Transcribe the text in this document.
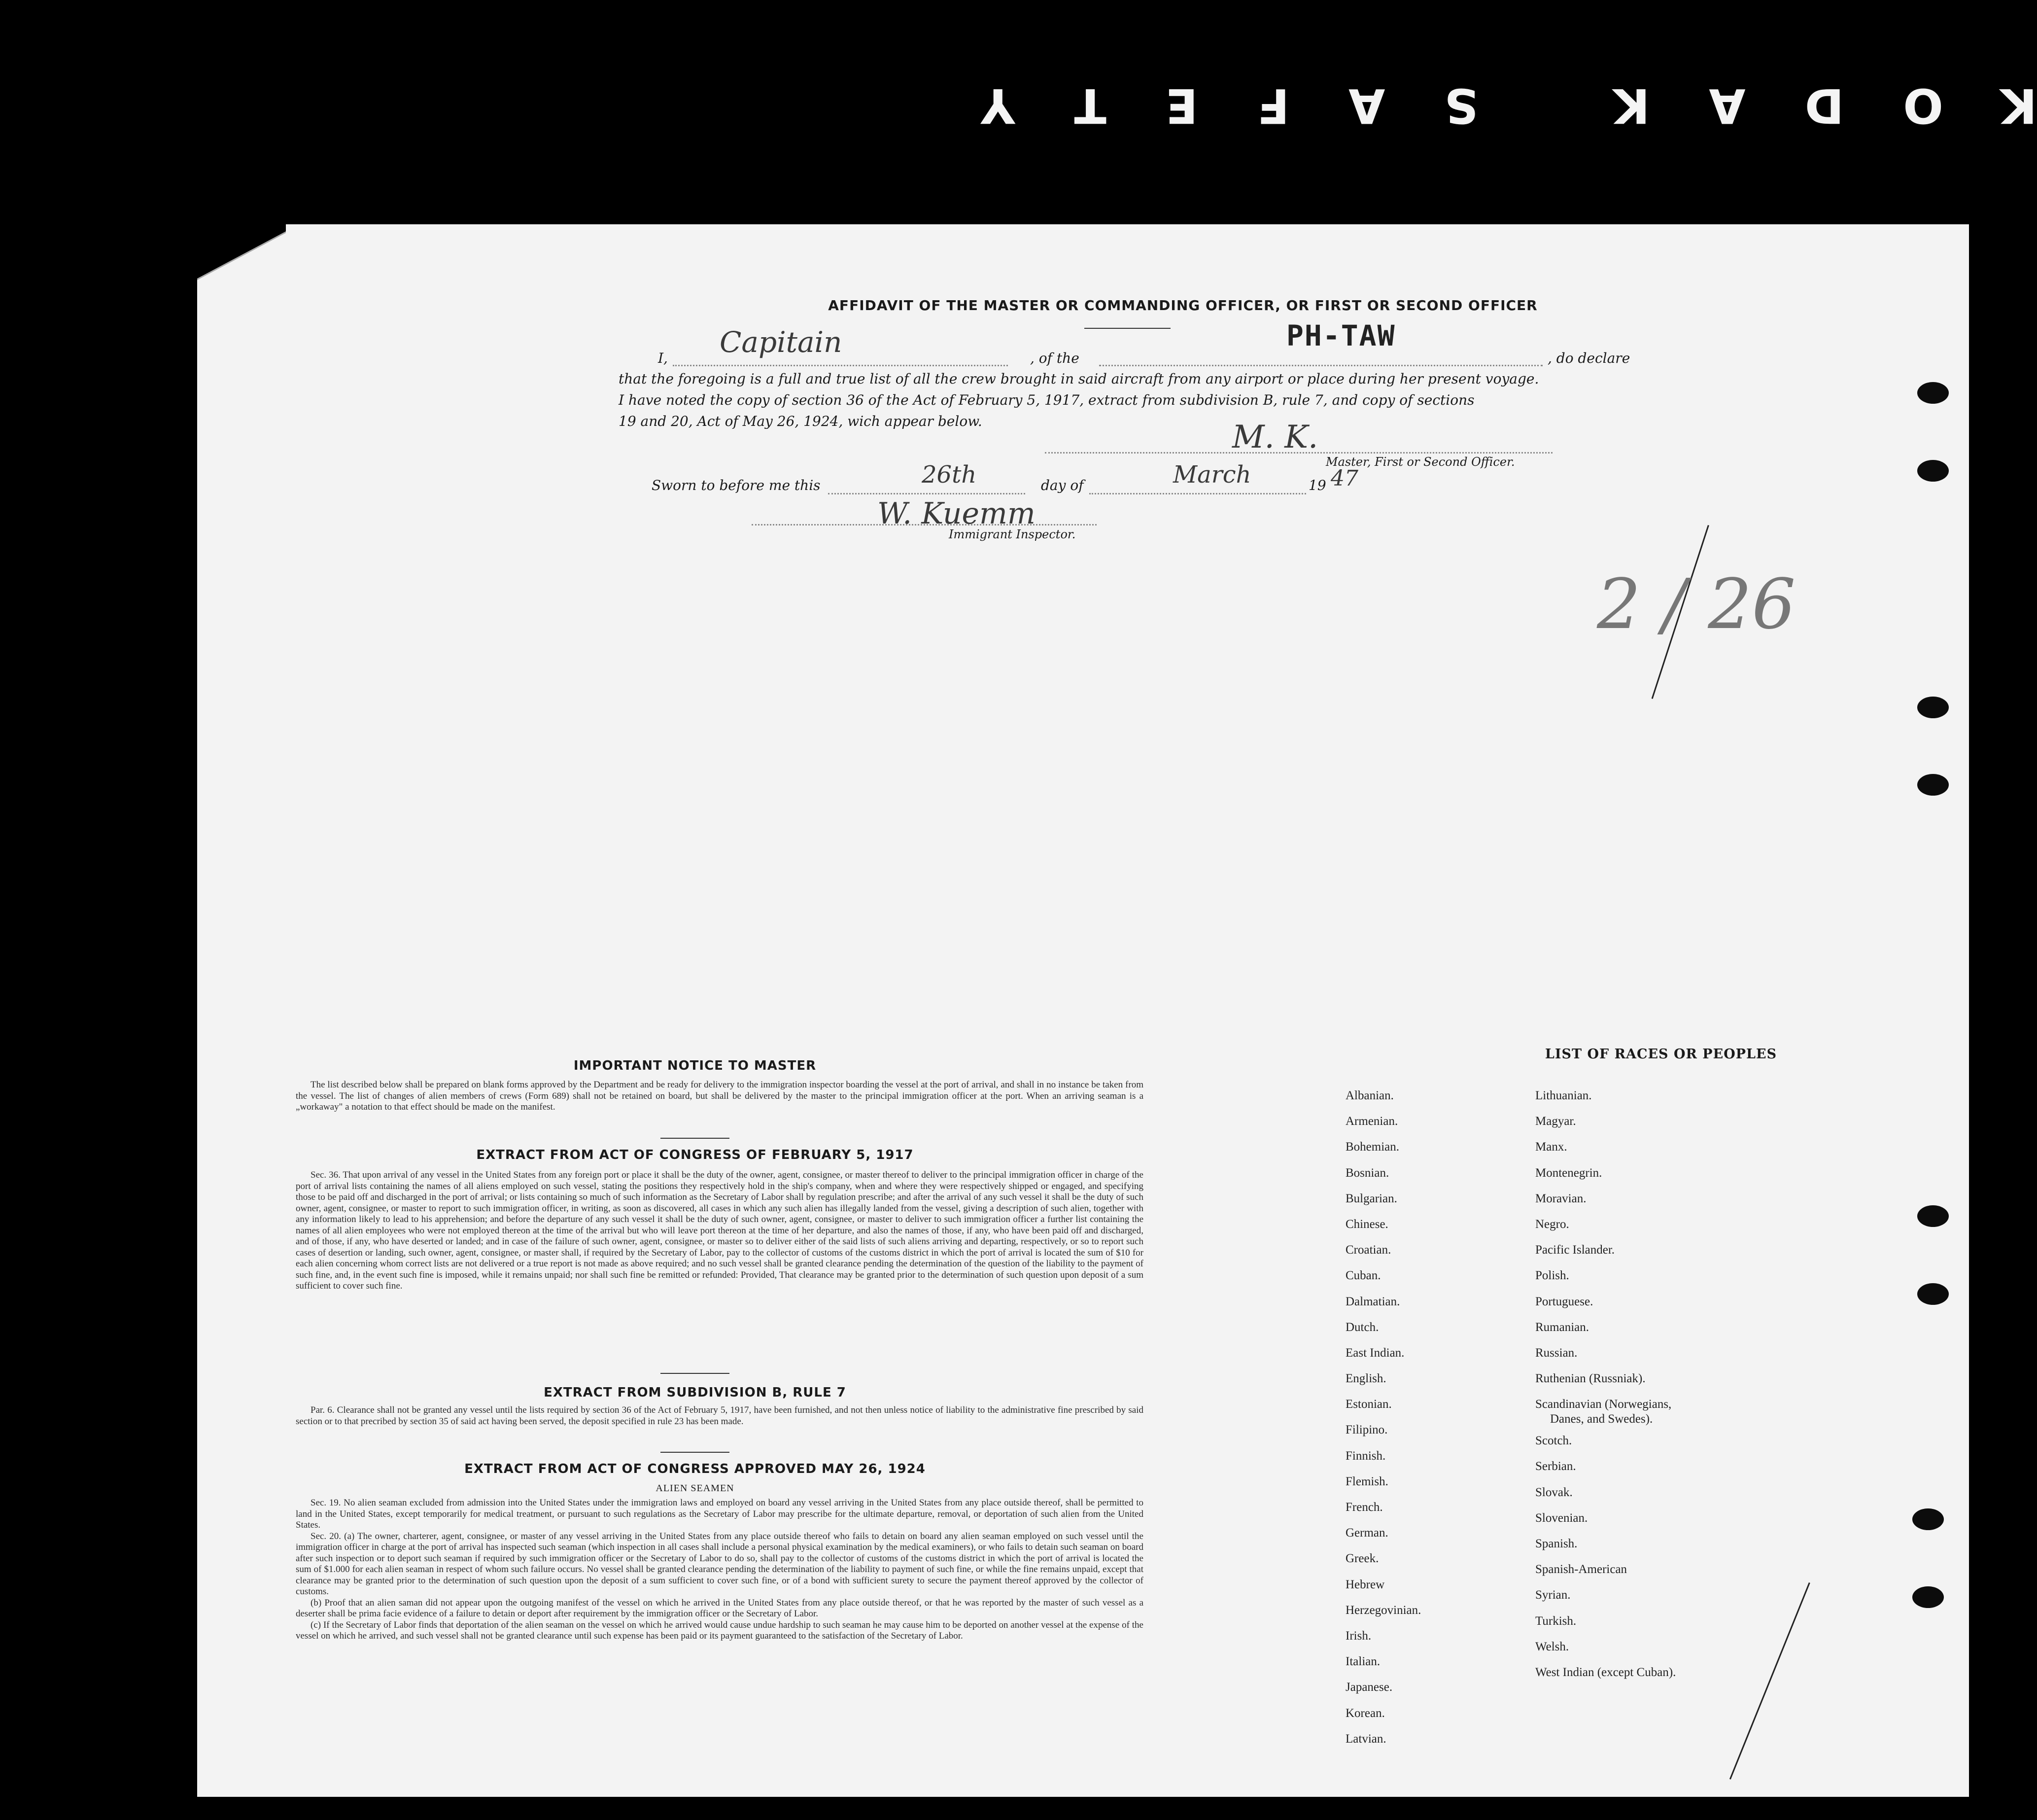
KODAK SAFETY
AFFIDAVIT OF THE MASTER OR COMMANDING OFFICER, OR FIRST OR SECOND OFFICER
I, Capitain	, of the
PH-TAW
, do declare
that the foregoing is a full and true list of all the crew brought in said aircraft from any airport or place during her present voyage.
I have noted the copy of section 36 of the Act of February 5, 1917, extract from subdivision B, rule 7, and copy of sections
19 and 20, Act of May 26, 1924, wich appear below.	M. K.
Master, First or Second Officer.
Sworn to before me this	26th	day of	March	19 47
W. Kuemm
Immigrant Inspector.
2 / 26
IMPORTANT NOTICE TO MASTER

The list described below shall be prepared on blank forms approved by the Department and be ready for delivery to the immigration inspector boarding the vessel at the port of arrival, and shall in no instance be taken from the vessel. The list of changes of alien members of crews (Form 689) shall not be retained on board, but shall be delivered by the master to the principal immigration officer at the port. When an arriving seaman is a „workaway" a notation to that effect should be made on the manifest.

EXTRACT FROM ACT OF CONGRESS OF FEBRUARY 5, 1917

Sec. 36. That upon arrival of any vessel in the United States from any foreign port or place it shall be the duty of the owner, agent, consignee, or master thereof to deliver to the principal immigration officer in charge of the port of arrival lists containing the names of all aliens employed on such vessel, stating the positions they respectively hold in the ship's company, when and where they were respectively shipped or engaged, and specifying those to be paid off and discharged in the port of arrival; or lists containing so much of such information as the Secretary of Labor shall by regulation prescribe; and after the arrival of any such vessel it shall be the duty of such owner, agent, consignee, or master to report to such immigration officer, in writing, as soon as discovered, all cases in which any such alien has illegally landed from the vessel, giving a description of such alien, together with any information likely to lead to his apprehension; and before the departure of any such vessel it shall be the duty of such owner, agent, consignee, or master to deliver to such immigration officer a further list containing the names of all alien employees who were not employed thereon at the time of the arrival but who will leave port thereon at the time of her departure, and also the names of those, if any, who have been paid off and discharged, and of those, if any, who have deserted or landed; and in case of the failure of such owner, agent, consignee, or master so to deliver either of the said lists of such aliens arriving and departing, respectively, or so to report such cases of desertion or landing, such owner, agent, consignee, or master shall, if required by the Secretary of Labor, pay to the collector of customs of the customs district in which the port of arrival is located the sum of $10 for each alien concerning whom correct lists are not delivered or a true report is not made as above required; and no such vessel shall be granted clearance pending the determination of the question of the liability to the payment of such fine, and, in the event such fine is imposed, while it remains unpaid; nor shall such fine be remitted or refunded: Provided, That clearance may be granted prior to the determination of such question upon deposit of a sum sufficient to cover such fine.

EXTRACT FROM SUBDIVISION B, RULE 7

Par. 6. Clearance shall not be granted any vessel until the lists required by section 36 of the Act of February 5, 1917, have been furnished, and not then unless notice of liability to the administrative fine prescribed by said section or to that precribed by section 35 of said act having been served, the deposit specified in rule 23 has been made.

EXTRACT FROM ACT OF CONGRESS APPROVED MAY 26, 1924
ALIEN SEAMEN

Sec. 19. No alien seaman excluded from admission into the United States under the immigration laws and employed on board any vessel arriving in the United States from any place outside thereof, shall be permitted to land in the United States, except temporarily for medical treatment, or pursuant to such regulations as the Secretary of Labor may prescribe for the ultimate departure, removal, or deportation of such alien from the United States.

Sec. 20. (a) The owner, charterer, agent, consignee, or master of any vessel arriving in the United States from any place outside thereof who fails to detain on board any alien seaman employed on such vessel until the immigration officer in charge at the port of arrival has inspected such seaman (which inspection in all cases shall include a personal physical examination by the medical examiners), or who fails to detain such seaman on board after such inspection or to deport such seaman if required by such immigration officer or the Secretary of Labor to do so, shall pay to the collector of customs of the customs district in which the port of arrival is located the sum of $1.000 for each alien seaman in respect of whom such failure occurs. No vessel shall be granted clearance pending the determination of the liability to payment of such fine, or while the fine remains unpaid, except that clearance may be granted prior to the determination of such question upon the deposit of a sum sufficient to cover such fine, or of a bond with sufficient surety to secure the payment thereof approved by the collector of customs.

(b) Proof that an alien saman did not appear upon the outgoing manifest of the vessel on which he arrived in the United States from any place outside thereof, or that he was reported by the master of such vessel as a deserter shall be prima facie evidence of a failure to detain or deport after requirement by the immigration officer or the Secretary of Labor.

(c) If the Secretary of Labor finds that deportation of the alien seaman on the vessel on which he arrived would cause undue hardship to such seaman he may cause him to be deported on another vessel at the expense of the vessel on which he arrived, and such vessel shall not be granted clearance until such expense has been paid or its payment guaranteed to the satisfaction of the Secretary of Labor.

LIST OF RACES OR PEOPLES
Albanian.
Armenian.
Bohemian.
Bosnian.
Bulgarian.
Chinese.
Croatian.
Cuban.
Dalmatian.
Dutch.
East Indian.
English.
Estonian.
Filipino.
Finnish.
Flemish.
French.
German.
Greek.
Hebrew
Herzegovinian.
Irish.
Italian.
Japanese.
Korean.
Latvian.
Lithuanian.
Magyar.
Manx.
Montenegrin.
Moravian.
Negro.
Pacific Islander.
Polish.
Portuguese.
Rumanian.
Russian.
Ruthenian (Russniak).
Scandinavian (Norwegians,
Danes, and Swedes).
Scotch.
Serbian.
Slovak.
Slovenian.
Spanish.
Spanish-American
Syrian.
Turkish.
Welsh.
West Indian (except Cuban).
